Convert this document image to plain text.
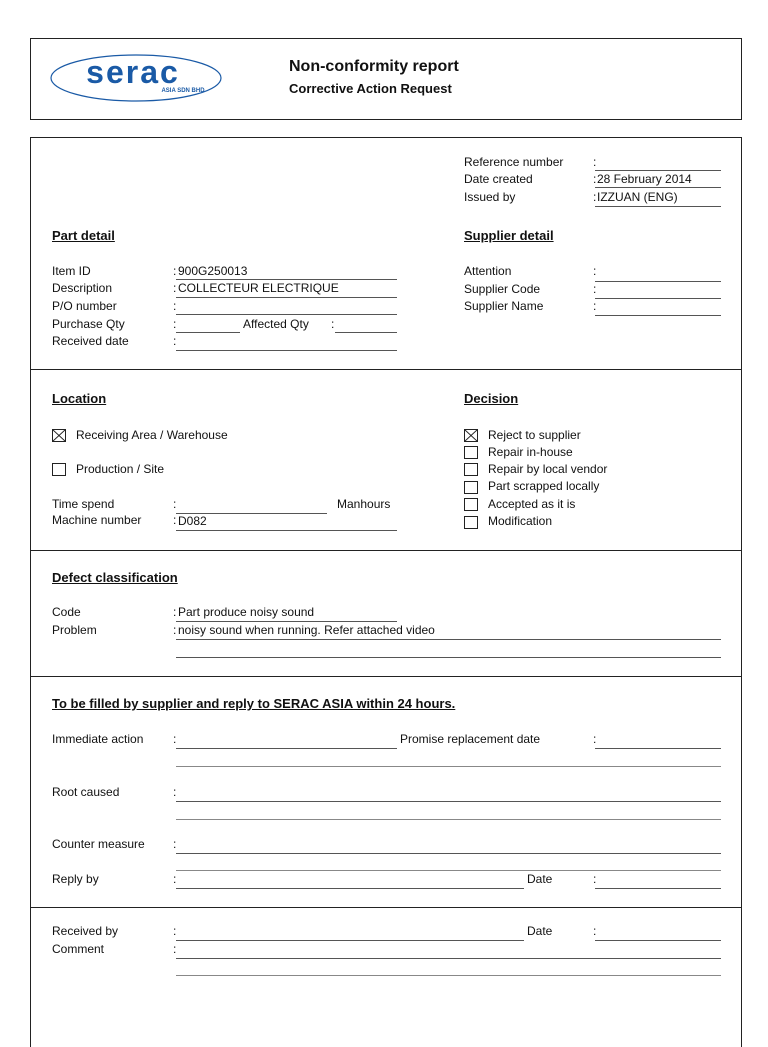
serac
ASIA SDN BHD
Non-conformity report
Corrective Action Request
Reference number :
Date created	: 28 February 2014
Issued by	: IZZUAN (ENG)
Part detail
Item ID	: 900G250013
Description	: COLLECTEUR ELECTRIQUE
P/O number	:
Purchase Qty	:	Affected Qty :
Received date	:
Supplier detail
Attention	:
Supplier Code	:
Supplier Name	:
Location
Receiving Area / Warehouse
Production / Site
Time spend	:	Manhours
Machine number	: D082
Decision
Reject to supplier
Repair in-house
Repair by local vendor
Part scrapped locally
Accepted as it is
Modification
Defect classification
Code	: Part produce noisy sound
Problem	: noisy sound when running. Refer attached video
To be filled by supplier and reply to SERAC ASIA within 24 hours.
Immediate action :	Promise replacement date	:
Root caused	:
Counter measure :
Reply by	:	Date	:
Received by	:	Date	:
Comment	:
